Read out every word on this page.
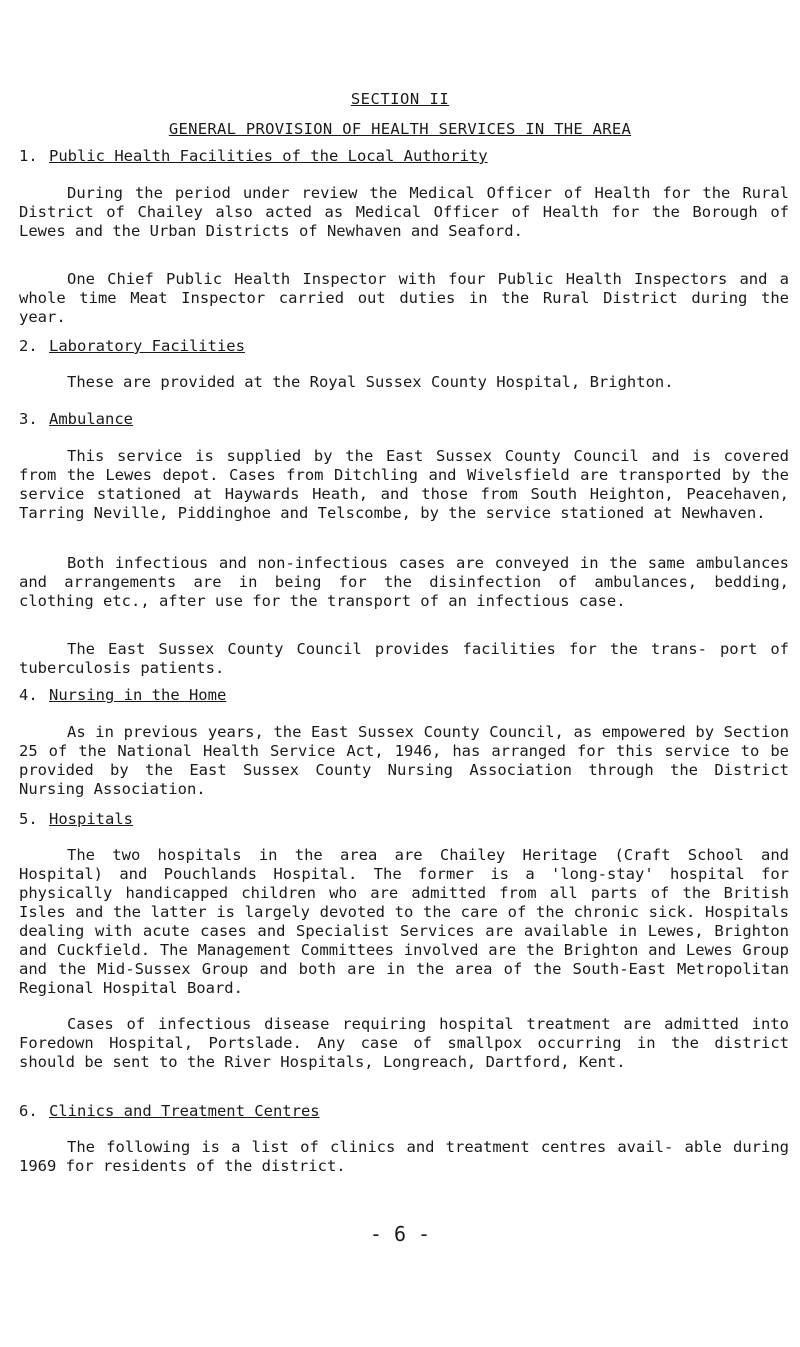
SECTION II
GENERAL PROVISION OF HEALTH SERVICES IN THE AREA
1. Public Health Facilities of the Local Authority

During the period under review the Medical Officer of Health for the Rural District of Chailey also acted as Medical Officer of Health for the Borough of Lewes and the Urban Districts of Newhaven and Seaford.

One Chief Public Health Inspector with four Public Health Inspectors and a whole time Meat Inspector carried out duties in the Rural District during the year.

2. Laboratory Facilities

These are provided at the Royal Sussex County Hospital, Brighton.

3. Ambulance

This service is supplied by the East Sussex County Council and is covered from the Lewes depot. Cases from Ditchling and Wivelsfield are transported by the service stationed at Haywards Heath, and those from South Heighton, Peacehaven, Tarring Neville, Piddinghoe and Telscombe, by the service stationed at Newhaven.

Both infectious and non-infectious cases are conveyed in the same ambulances and arrangements are in being for the disinfection of ambulances, bedding, clothing etc., after use for the transport of an infectious case.

The East Sussex County Council provides facilities for the trans- port of tuberculosis patients.

4. Nursing in the Home

As in previous years, the East Sussex County Council, as empowered by Section 25 of the National Health Service Act, 1946, has arranged for this service to be provided by the East Sussex County Nursing Association through the District Nursing Association.

5. Hospitals

The two hospitals in the area are Chailey Heritage (Craft School and Hospital) and Pouchlands Hospital. The former is a 'long-stay' hospital for physically handicapped children who are admitted from all parts of the British Isles and the latter is largely devoted to the care of the chronic sick. Hospitals dealing with acute cases and Specialist Services are available in Lewes, Brighton and Cuckfield. The Management Committees involved are the Brighton and Lewes Group and the Mid-Sussex Group and both are in the area of the South-East Metropolitan Regional Hospital Board.

Cases of infectious disease requiring hospital treatment are admitted into Foredown Hospital, Portslade. Any case of smallpox occurring in the district should be sent to the River Hospitals, Longreach, Dartford, Kent.

6. Clinics and Treatment Centres

The following is a list of clinics and treatment centres avail- able during 1969 for residents of the district.

- 6 -
